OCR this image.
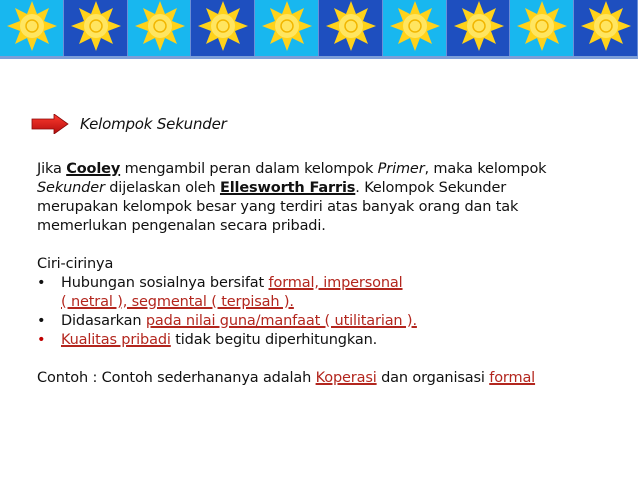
Kelompok Sekunder

Jika Cooley mengambil peran dalam kelompok Primer, maka kelompok

Sekunder dijelaskan oleh Ellesworth Farris. Kelompok Sekunder

merupakan kelompok besar yang terdiri atas banyak orang dan tak

memerlukan pengenalan secara pribadi.

Ciri-cirinya

•	Hubungan sosialnya bersifat formal, impersonal
( netral ), segmental ( terpisah ).
•	Didasarkan pada nilai guna/manfaat ( utilitarian ).
•	Kualitas pribadi tidak begitu diperhitungkan.

Contoh : Contoh sederhananya adalah Koperasi dan organisasi formal
